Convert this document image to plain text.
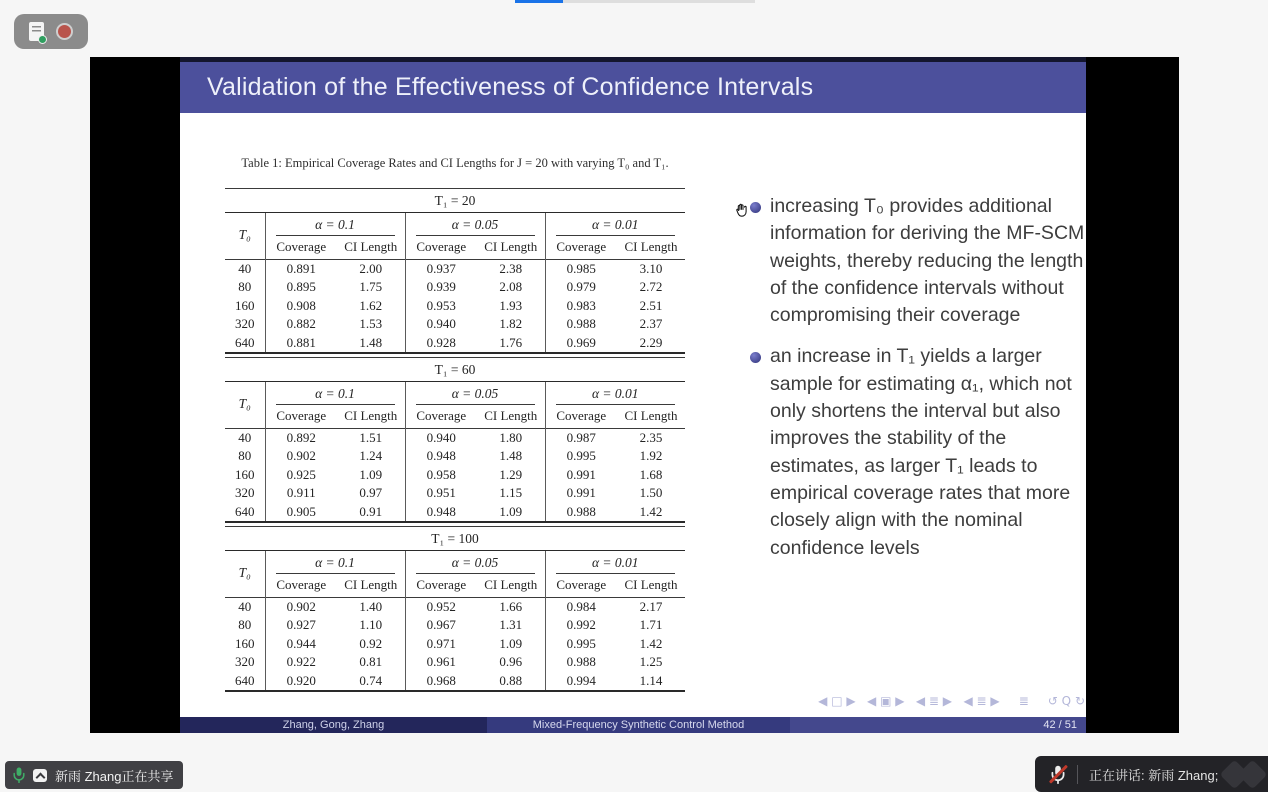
Validation of the Effectiveness of Confidence Intervals
Table 1: Empirical Coverage Rates and CI Lengths for J = 20 with varying T₀ and T₁.
T₁ = 20						
T₀	α = 0.1		α = 0.05		α = 0.01	

	Coverage	CI Length	Coverage	CI Length	Coverage	CI Length
40	0.891	2.00	0.937	2.38	0.985	3.10
80	0.895	1.75	0.939	2.08	0.979	2.72
160	0.908	1.62	0.953	1.93	0.983	2.51
320	0.882	1.53	0.940	1.82	0.988	2.37
640	0.881	1.48	0.928	1.76	0.969	2.29
T₁ = 60						
T₀	α = 0.1		α = 0.05		α = 0.01	

	Coverage	CI Length	Coverage	CI Length	Coverage	CI Length
40	0.892	1.51	0.940	1.80	0.987	2.35
80	0.902	1.24	0.948	1.48	0.995	1.92
160	0.925	1.09	0.958	1.29	0.991	1.68
320	0.911	0.97	0.951	1.15	0.991	1.50
640	0.905	0.91	0.948	1.09	0.988	1.42
T₁ = 100						
T₀	α = 0.1		α = 0.05		α = 0.01	

	Coverage	CI Length	Coverage	CI Length	Coverage	CI Length
40	0.902	1.40	0.952	1.66	0.984	2.17
80	0.927	1.10	0.967	1.31	0.992	1.71
160	0.944	0.92	0.971	1.09	0.995	1.42
320	0.922	0.81	0.961	0.96	0.988	1.25
640	0.920	0.74	0.968	0.88	0.994	1.14
increasing T₀ provides additional information for deriving the MF-SCM weights, thereby reducing the length of the confidence intervals without compromising their coverage
an increase in T₁ yields a larger sample for estimating α₁, which not only shortens the interval but also improves the stability of the estimates, as larger T₁ leads to empirical coverage rates that more closely align with the nominal confidence levels
◀ □ ▶   ◀ ▣ ▶   ◀ ≣ ▶   ◀ ≣ ▶     ≣     ↺ Q ↻
Zhang, Gong, Zhang	Mixed-Frequency Synthetic Control Method	42 / 51
新雨 Zhang正在共享	正在讲话: 新雨 Zhang;
